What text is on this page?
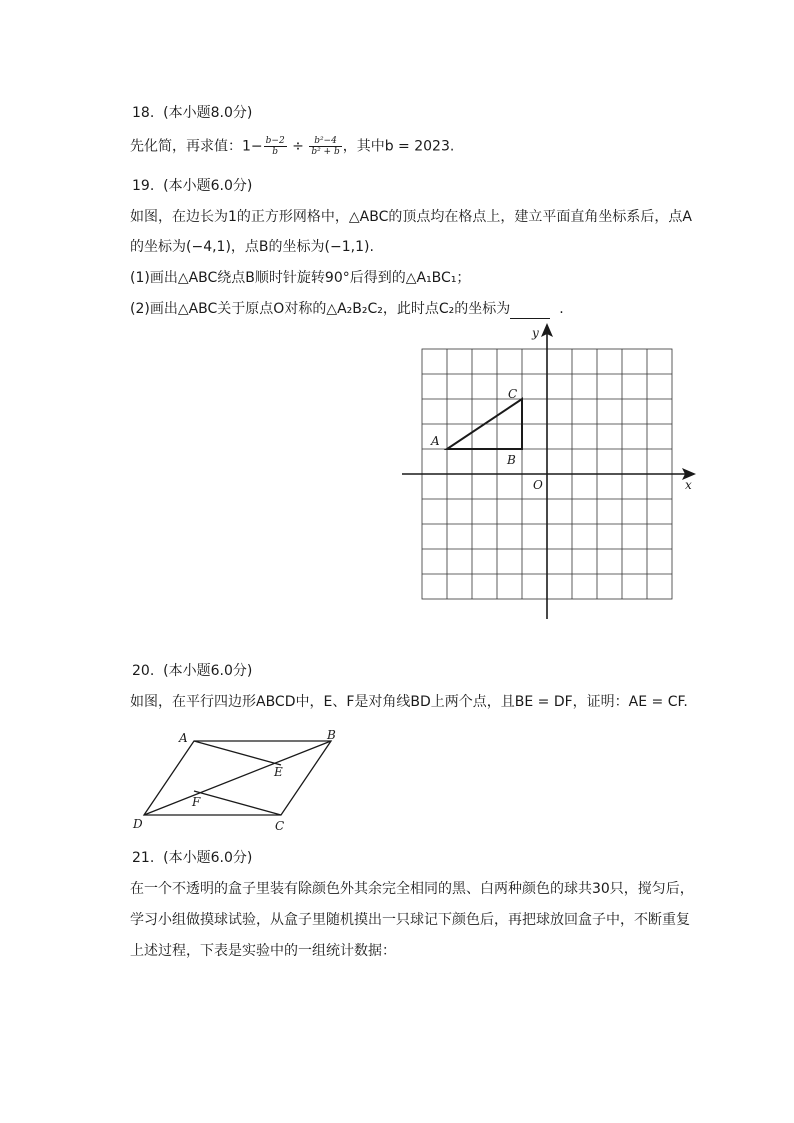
18. (本小题8.0分)
先化简，再求值：$1- \frac{b-2}{b} \div \frac{\text{b²−4}}{\text{b² + b}}$ ，其中b = 2023.
19. (本小题6.0分)
如图，在边长为1的正方形网格中，△ABC的顶点均在格点上，建立平面直角坐标系后，点A
的坐标为(−4,1)，点B的坐标为(−1,1).
(1)画出△ABC绕点B顺时针旋转90°后得到的△A₁BC₁；
(2)画出△ABC关于原点O对称的△A₂B₂C₂，此时点C₂的坐标为	.
A
B
C
O	x
y
20. (本小题6.0分)
如图，在平行四边形ABCD中，E、F是对角线BD上两个点，且BE = DF，证明：AE = CF.
A	B
C
D
E
F
21. (本小题6.0分)
在一个不透明的盒子里装有除颜色外其余完全相同的黑、白两种颜色的球共30只，搅匀后，
学习小组做摸球试验，从盒子里随机摸出一只球记下颜色后，再把球放回盒子中，不断重复
上述过程，下表是实验中的一组统计数据：
